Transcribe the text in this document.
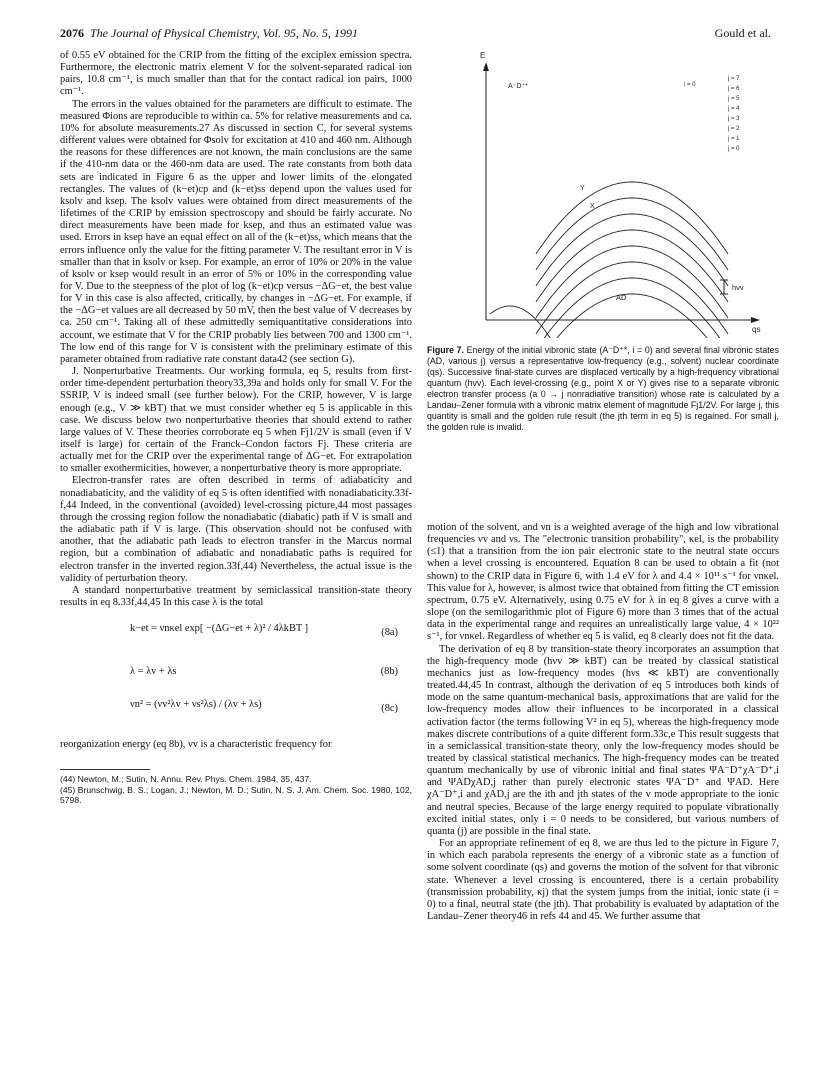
2076 The Journal of Physical Chemistry, Vol. 95, No. 5, 1991	Gould et al.

of 0.55 eV obtained for the CRIP from the fitting of the exciplex emission spectra. Furthermore, the electronic matrix element V for the solvent-separated radical ion pairs, 10.8 cm⁻¹, is much smaller than that for the contact radical ion pairs, 1000 cm⁻¹.

The errors in the values obtained for the parameters are difficult to estimate. The measured Φions are reproducible to within ca. 5% for relative measurements and ca. 10% for absolute measurements.27 As discussed in section C, for several systems different values were obtained for Φsolv for excitation at 410 and 460 nm. Although the reasons for these differences are not known, the main conclusions are the same if the 410-nm data or the 460-nm data are used. The rate constants from both data sets are indicated in Figure 6 as the upper and lower limits of the elongated rectangles. The values of (k−et)cp and (k−et)ss depend upon the values used for ksolv and ksep. The ksolv values were obtained from direct measurements of the lifetimes of the CRIP by emission spectroscopy and should be fairly accurate. No direct measurements have been made for ksep, and thus an estimated value was used. Errors in ksep have an equal effect on all of the (k−et)ss, which means that the errors influence only the value for the fitting parameter V. The resultant error in V is smaller than that in ksolv or ksep. For example, an error of 10% or 20% in the value of ksolv or ksep would result in an error of 5% or 10% in the corresponding value for V. Due to the steepness of the plot of log (k−et)cp versus −ΔG−et, the best value for V in this case is also affected, critically, by changes in −ΔG−et. For example, if the −ΔG−et values are all decreased by 50 mV, then the best value of V decreases by ca. 250 cm⁻¹. Taking all of these admittedly semiquantitative considerations into account, we estimate that V for the CRIP probably lies between 700 and 1300 cm⁻¹. The low end of this range for V is consistent with the preliminary estimate of this parameter obtained from radiative rate constant data42 (see section G).

J. Nonperturbative Treatments. Our working formula, eq 5, results from first-order time-dependent perturbation theory33,39a and holds only for small V. For the SSRIP, V is indeed small (see further below). For the CRIP, however, V is large enough (e.g., V ≫ kBT) that we must consider whether eq 5 is applicable in this case. We discuss below two nonperturbative theories that should extend to rather large values of V. These theories corroborate eq 5 when Fj1/2V is small (even if V itself is large) for certain of the Franck–Condon factors Fj. These criteria are actually met for the CRIP over the experimental range of ΔG−et. For extrapolation to smaller exothermicities, however, a nonperturbative theory is more appropriate.

Electron-transfer rates are often described in terms of adiabaticity and nonadiabaticity, and the validity of eq 5 is often identified with nonadiabaticity.33f-f,44 Indeed, in the conventional (avoided) level-crossing picture,44 most passages through the crossing region follow the nonadiabatic (diabatic) path if V is small and the adiabatic path if V is large. (This observation should not be confused with another, that the adiabatic path leads to electron transfer in the Marcus normal region, but a combination of adiabatic and nonadiabatic paths is required for electron transfer in the inverted region.33f,44) Nevertheless, the actual issue is the validity of perturbation theory.

A standard nonperturbative treatment by semiclassical transition-state theory results in eq 8.33f,44,45 In this case λ is the total

k−et = νnκel exp[ −(ΔG−et + λ)² / 4λkBT ]	(8a)
λ = λv + λs	(8b)
νn² = (νv²λv + νs²λs) / (λv + λs)	(8c)

reorganization energy (eq 8b), νv is a characteristic frequency for

(44) Newton, M.; Sutin, N. Annu. Rev. Phys. Chem. 1984, 35, 437.
(45) Brunschwig, B. S.; Logan, J.; Newton, M. D.; Sutin, N. S. J. Am. Chem. Soc. 1980, 102, 5798.
j = 7
j = 6
j = 5
j = 4
j = 3
j = 2
j = 1
j = 0
E
qs
A⁻D⁺*	i = 0
AD
Y
X
hνv
Figure 7. Energy of the initial vibronic state (A⁻D⁺*, i = 0) and several final vibronic states (AD, various j) versus a representative low-frequency (e.g., solvent) nuclear coordinate (qs). Successive final-state curves are displaced vertically by a high-frequency vibrational quantum (hνv). Each level-crossing (e.g., point X or Y) gives rise to a separate vibronic electron transfer process (a 0 → j nonradiative transition) whose rate is calculated by a Landau–Zener formula with a vibronic matrix element of magnitude Fj1/2V. For large j, this quantity is small and the golden rule result (the jth term in eq 5) is regained. For small j, the golden rule is invalid.

motion of the solvent, and νn is a weighted average of the high and low vibrational frequencies νv and νs. The "electronic transition probability", κel, is the probability (≤1) that a transition from the ion pair electronic state to the neutral state occurs when a level crossing is encountered. Equation 8 can be used to obtain a fit (not shown) to the CRIP data in Figure 6, with 1.4 eV for λ and 4.4 × 10¹¹ s⁻¹ for νnκel. This value for λ, however, is almost twice that obtained from fitting the CT emission spectrum, 0.75 eV. Alternatively, using 0.75 eV for λ in eq 8 gives a curve with a slope (on the semilogarithmic plot of Figure 6) more than 3 times that of the actual data in the experimental range and requires an unrealistically large value, 4 × 10²² s⁻¹, for νnκel. Regardless of whether eq 5 is valid, eq 8 clearly does not fit the data.

The derivation of eq 8 by transition-state theory incorporates an assumption that the high-frequency mode (hνv ≫ kBT) can be treated by classical statistical mechanics just as low-frequency modes (hνs ≪ kBT) are conventionally treated.44,45 In contrast, although the derivation of eq 5 introduces both kinds of mode on the same quantum-mechanical basis, approximations that are valid for the low-frequency modes allow their influences to be incorporated in a classical activation factor (the terms following V² in eq 5), whereas the high-frequency mode makes discrete contributions of a quite different form.33c,e This result suggests that in a semiclassical transition-state theory, only the low-frequency modes should be treated by classical statistical mechanics. The high-frequency modes can be treated quantum mechanically by use of vibronic initial and final states ΨA⁻D⁺χA⁻D⁺,i and ΨADχAD,j rather than purely electronic states ΨA⁻D⁺ and ΨAD. Here χA⁻D⁺,i and χAD,j are the ith and jth states of the v mode appropriate to the ionic and neutral species. Because of the large energy required to populate vibrationally excited initial states, only i = 0 needs to be considered, but various numbers of quanta (j) are possible in the final state.

For an appropriate refinement of eq 8, we are thus led to the picture in Figure 7, in which each parabola represents the energy of a vibronic state as a function of some solvent coordinate (qs) and governs the motion of the solvent for that vibronic state. Whenever a level crossing is encountered, there is a certain probability (transmission probability, κj) that the system jumps from the initial, ionic state (i = 0) to a final, neutral state (the jth). That probability is evaluated by adaptation of the Landau–Zener theory46 in refs 44 and 45. We further assume that
